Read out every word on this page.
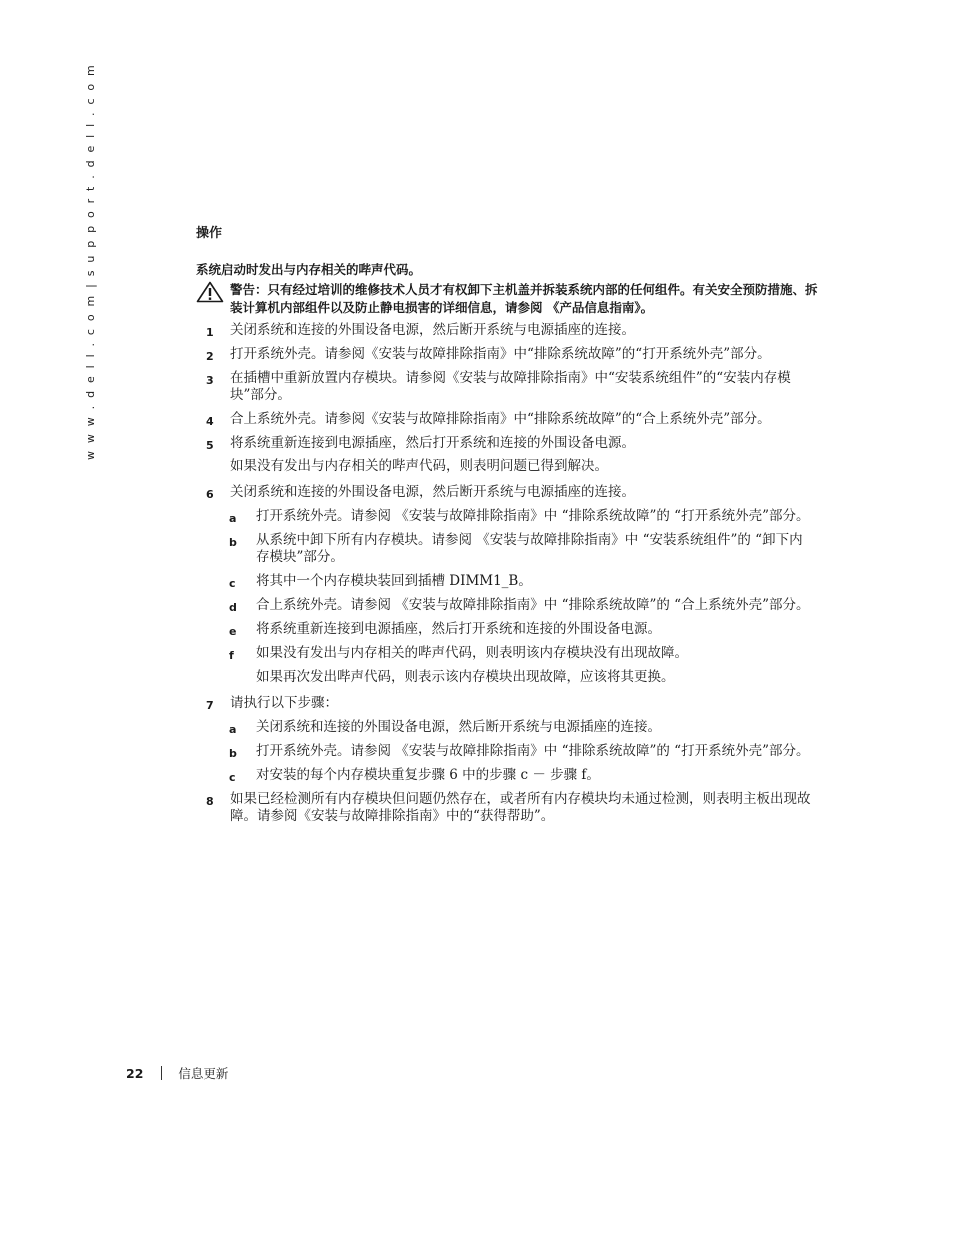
w w w . d e l l . c o m | s u p p o r t . d e l l . c o m	操作
系统启动时发出与内存相关的哔声代码。
警告：只有经过培训的维修技术人员才有权卸下主机盖并拆装系统内部的任何组件。有关安全预防措施、拆装计算机内部组件以及防止静电损害的详细信息，请参阅 《产品信息指南》。
1 关闭系统和连接的外围设备电源，然后断开系统与电源插座的连接。
2 打开系统外壳。请参阅《安装与故障排除指南》中“排除系统故障”的“打开系统外壳”部分。
3 在插槽中重新放置内存模块。请参阅《安装与故障排除指南》中“安装系统组件”的“安装内存模块”部分。
4 合上系统外壳。请参阅《安装与故障排除指南》中“排除系统故障”的“合上系统外壳”部分。
5 将系统重新连接到电源插座，然后打开系统和连接的外围设备电源。
如果没有发出与内存相关的哔声代码，则表明问题已得到解决。
6 关闭系统和连接的外围设备电源，然后断开系统与电源插座的连接。
a 打开系统外壳。请参阅 《安装与故障排除指南》中 “排除系统故障”的 “打开系统外壳”部分。
b 从系统中卸下所有内存模块。请参阅 《安装与故障排除指南》中 “安装系统组件”的 “卸下内存模块”部分。
c 将其中一个内存模块装回到插槽 DIMM1_B。
d 合上系统外壳。请参阅 《安装与故障排除指南》中 “排除系统故障”的 “合上系统外壳”部分。
e 将系统重新连接到电源插座，然后打开系统和连接的外围设备电源。
f 如果没有发出与内存相关的哔声代码，则表明该内存模块没有出现故障。
如果再次发出哔声代码，则表示该内存模块出现故障，应该将其更换。
7 请执行以下步骤：
a 关闭系统和连接的外围设备电源，然后断开系统与电源插座的连接。
b 打开系统外壳。请参阅 《安装与故障排除指南》中 “排除系统故障”的 “打开系统外壳”部分。
c 对安装的每个内存模块重复步骤 6 中的步骤 c － 步骤 f。
8 如果已经检测所有内存模块但问题仍然存在，或者所有内存模块均未通过检测，则表明主板出现故障。请参阅《安装与故障排除指南》中的“获得帮助”。
22	信息更新
